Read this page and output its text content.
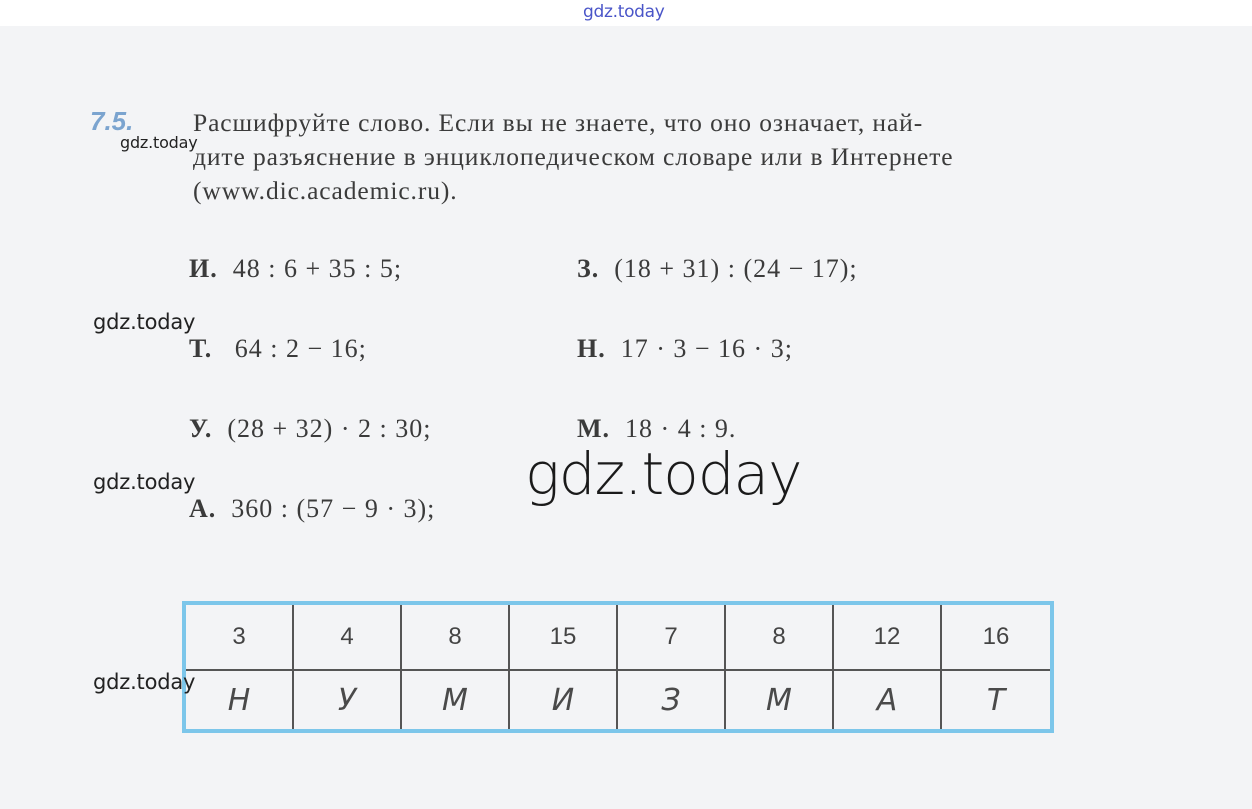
gdz.today
7.5. Расшифруйте слово. Если вы не знаете, что оно означает, най-
дите разъяснение в энциклопедическом словаре или в Интернете
(www.dic.academic.ru).
gdz.today
И. 48 : 6 + 35 : 5;	З. (18 + 31) : (24 − 17);
gdz.today
Т. 64 : 2 − 16;	Н. 17 · 3 − 16 · 3;
У. (28 + 32) · 2 : 30;	М. 18 · 4 : 9.
gdz.today
gdz.today
А. 360 : (57 − 9 · 3);
3	4	8	15	7	8	12	16
Н	У	М	И	З	М	А	Т
gdz.today
